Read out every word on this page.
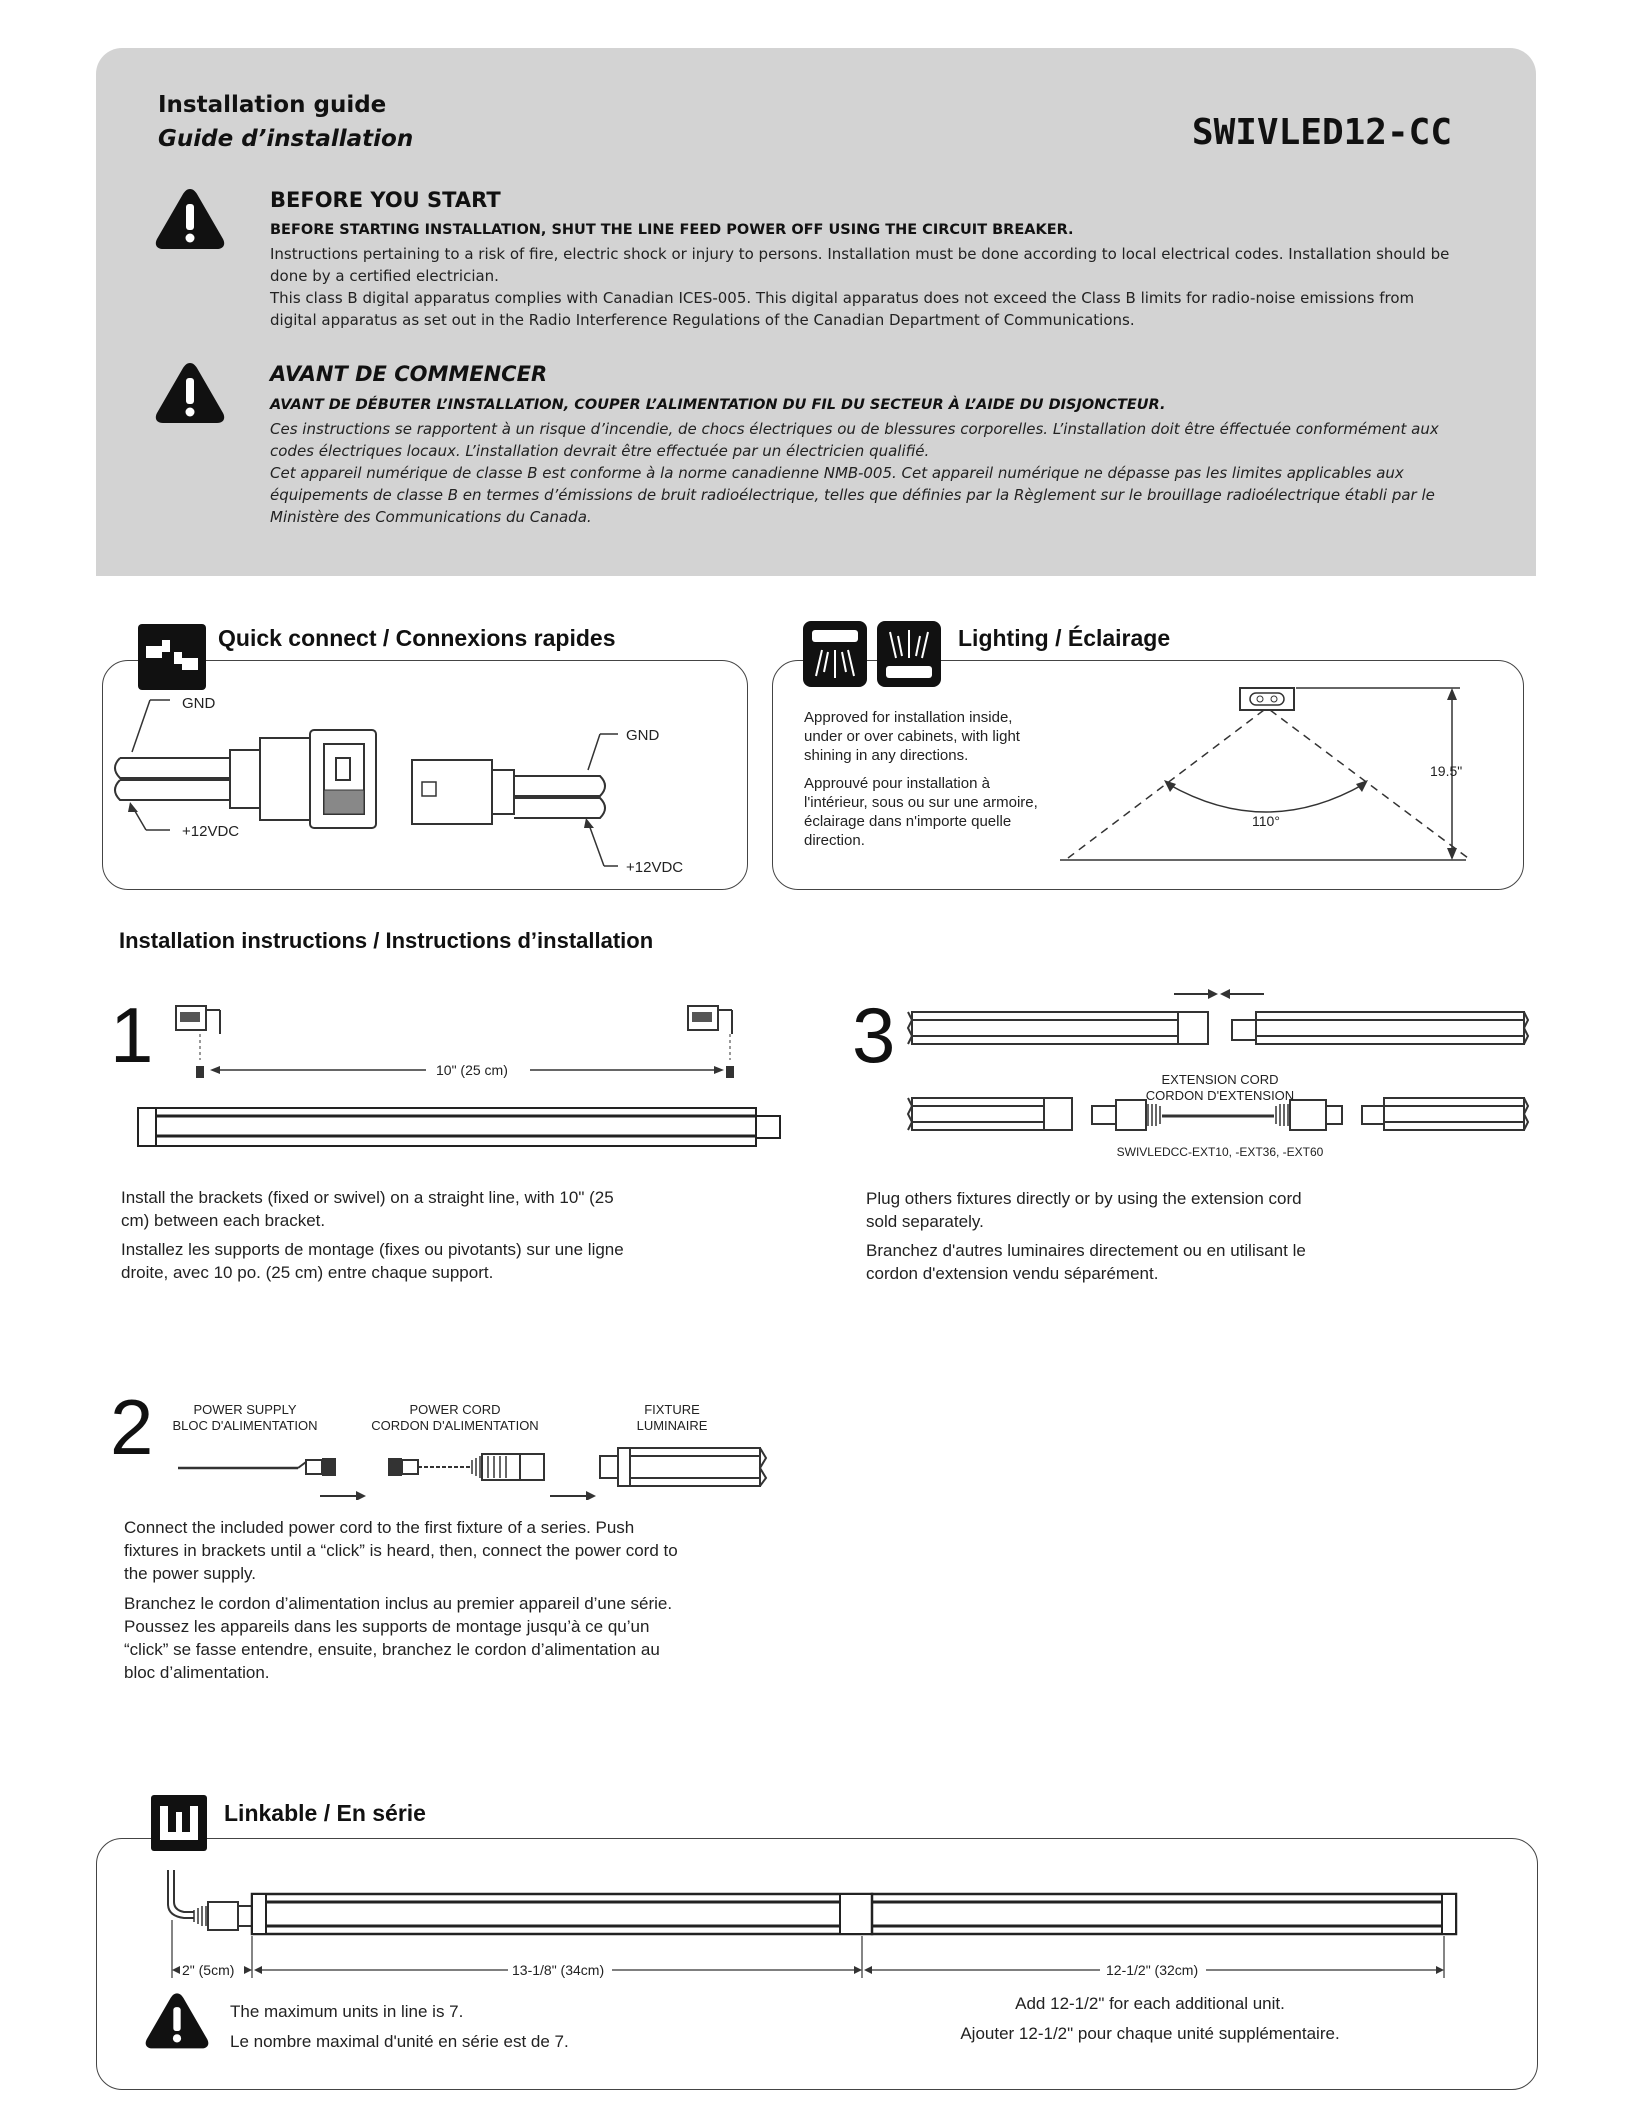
Installation guide
Guide d’installation	SWIVLED12-CC
BEFORE YOU START
BEFORE STARTING INSTALLATION, SHUT THE LINE FEED POWER OFF USING THE CIRCUIT BREAKER.
Instructions pertaining to a risk of fire, electric shock or injury to persons. Installation must be done according to local electrical codes. Installation should be done by a certified electrician.
This class B digital apparatus complies with Canadian ICES-005. This digital apparatus does not exceed the Class B limits for radio-noise emissions from digital apparatus as set out in the Radio Interference Regulations of the Canadian Department of Communications.
AVANT DE COMMENCER
AVANT DE DÉBUTER L’INSTALLATION, COUPER L’ALIMENTATION DU FIL DU SECTEUR À L’AIDE DU DISJONCTEUR.
Ces instructions se rapportent à un risque d’incendie, de chocs électriques ou de blessures corporelles. L’installation doit être éffectuée conformément aux codes électriques locaux. L’installation devrait être effectuée par un électricien qualifié.
Cet appareil numérique de classe B est conforme à la norme canadienne NMB-005. Cet appareil numérique ne dépasse pas les limites applicables aux équipements de classe B en termes d’émissions de bruit radioélectrique, telles que définies par la Règlement sur le brouillage radioélectrique établi par le Ministère des Communications du Canada.
Quick connect / Connexions rapides
GND
+12VDC
GND
+12VDC
Lighting / Éclairage
Approved for installation inside, under or over cabinets, with light shining in any directions.
Approuvé pour installation à l'intérieur, sous ou sur une armoire, éclairage dans n'importe quelle direction.
110°
19.5"
Installation instructions / Instructions d’installation
1	10" (25 cm)
Install the brackets (fixed or swivel) on a straight line, with 10" (25 cm) between each bracket.
Installez les supports de montage (fixes ou pivotants) sur une ligne droite, avec 10 po. (25 cm) entre chaque support.
3
EXTENSION CORD
CORDON D'EXTENSION
SWIVLEDCC-EXT10, -EXT36, -EXT60
Plug others fixtures directly or by using the extension cord sold separately.
Branchez d'autres luminaires directement ou en utilisant le cordon d'extension vendu séparément.
2	POWER SUPPLY
BLOC D'ALIMENTATION
POWER CORD
CORDON D'ALIMENTATION
FIXTURE
LUMINAIRE
Connect the included power cord to the first fixture of a series. Push fixtures in brackets until a “click” is heard, then, connect the power cord to the power supply.
Branchez le cordon d’alimentation inclus au premier appareil d’une série. Poussez les appareils dans les supports de montage jusqu’à ce qu’un “click” se fasse entendre, ensuite, branchez le cordon d’alimentation au bloc d’alimentation.
Linkable / En série
2" (5cm)	13-1/8" (34cm)	12-1/2" (32cm)
The maximum units in line is 7.
Le nombre maximal d'unité en série est de 7.
Add 12-1/2" for each additional unit.
Ajouter 12-1/2" pour chaque unité supplémentaire.
